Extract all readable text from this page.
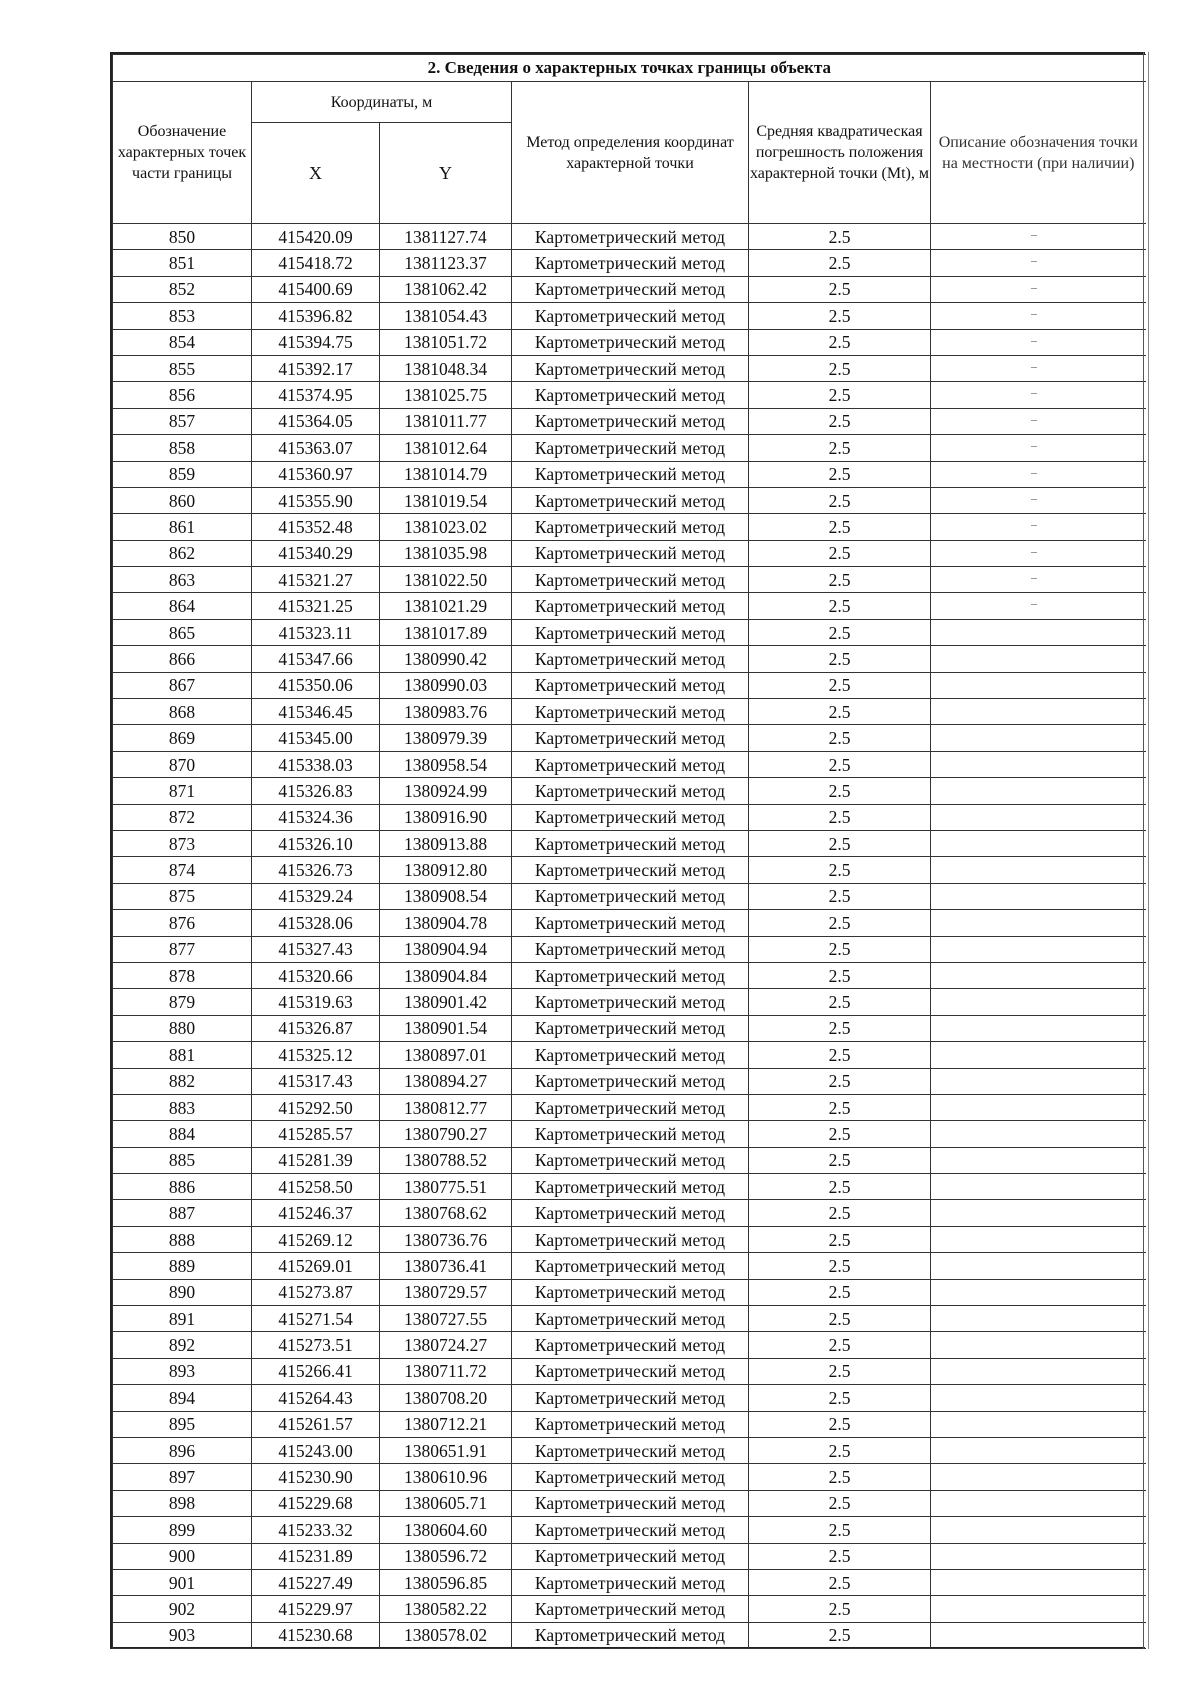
2. Сведения о характерных точках границы объекта					
Обозначение характерных точек части границы	Координаты, м		Метод определения координат характерной точки	Средняя квадратическая погрешность положения характерной точки (Mt), м	Описание обозначения точки на местности (при наличии)
	X	Y			
850	415420.09	1381127.74	Картометрический метод	2.5	

851	415418.72	1381123.37	Картометрический метод	2.5	

852	415400.69	1381062.42	Картометрический метод	2.5	

853	415396.82	1381054.43	Картометрический метод	2.5	

854	415394.75	1381051.72	Картометрический метод	2.5	

855	415392.17	1381048.34	Картометрический метод	2.5	

856	415374.95	1381025.75	Картометрический метод	2.5	

857	415364.05	1381011.77	Картометрический метод	2.5	

858	415363.07	1381012.64	Картометрический метод	2.5	

859	415360.97	1381014.79	Картометрический метод	2.5	

860	415355.90	1381019.54	Картометрический метод	2.5	

861	415352.48	1381023.02	Картометрический метод	2.5	

862	415340.29	1381035.98	Картометрический метод	2.5	

863	415321.27	1381022.50	Картометрический метод	2.5	

864	415321.25	1381021.29	Картометрический метод	2.5	

865	415323.11	1381017.89	Картометрический метод	2.5	
866	415347.66	1380990.42	Картометрический метод	2.5	
867	415350.06	1380990.03	Картометрический метод	2.5	
868	415346.45	1380983.76	Картометрический метод	2.5	
869	415345.00	1380979.39	Картометрический метод	2.5	
870	415338.03	1380958.54	Картометрический метод	2.5	
871	415326.83	1380924.99	Картометрический метод	2.5	
872	415324.36	1380916.90	Картометрический метод	2.5	
873	415326.10	1380913.88	Картометрический метод	2.5	
874	415326.73	1380912.80	Картометрический метод	2.5	
875	415329.24	1380908.54	Картометрический метод	2.5	
876	415328.06	1380904.78	Картометрический метод	2.5	
877	415327.43	1380904.94	Картометрический метод	2.5	
878	415320.66	1380904.84	Картометрический метод	2.5	
879	415319.63	1380901.42	Картометрический метод	2.5	
880	415326.87	1380901.54	Картометрический метод	2.5	
881	415325.12	1380897.01	Картометрический метод	2.5	
882	415317.43	1380894.27	Картометрический метод	2.5	
883	415292.50	1380812.77	Картометрический метод	2.5	
884	415285.57	1380790.27	Картометрический метод	2.5	
885	415281.39	1380788.52	Картометрический метод	2.5	
886	415258.50	1380775.51	Картометрический метод	2.5	
887	415246.37	1380768.62	Картометрический метод	2.5	
888	415269.12	1380736.76	Картометрический метод	2.5	
889	415269.01	1380736.41	Картометрический метод	2.5	
890	415273.87	1380729.57	Картометрический метод	2.5	
891	415271.54	1380727.55	Картометрический метод	2.5	
892	415273.51	1380724.27	Картометрический метод	2.5	
893	415266.41	1380711.72	Картометрический метод	2.5	
894	415264.43	1380708.20	Картометрический метод	2.5	
895	415261.57	1380712.21	Картометрический метод	2.5	
896	415243.00	1380651.91	Картометрический метод	2.5	
897	415230.90	1380610.96	Картометрический метод	2.5	
898	415229.68	1380605.71	Картометрический метод	2.5	
899	415233.32	1380604.60	Картометрический метод	2.5	
900	415231.89	1380596.72	Картометрический метод	2.5	
901	415227.49	1380596.85	Картометрический метод	2.5	
902	415229.97	1380582.22	Картометрический метод	2.5	
903	415230.68	1380578.02	Картометрический метод	2.5	
